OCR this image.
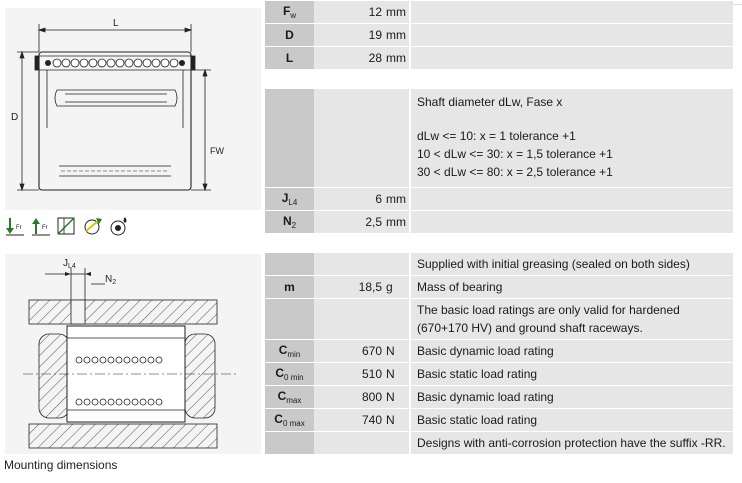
L
D
FW
Fr	Fr
$J_{L4}$
$N_2$
Mounting dimensions
$F_w$	12 mm	
D	19 mm	
L	28 mm	

		Shaft diameter dLw, Fase x
dLw <= 10: x = 1 tolerance +1
10 < dLw <= 30: x = 1,5 tolerance +1
30 < dLw <= 80: x = 2,5 tolerance +1

$J_{L4}$	6 mm	
$N_2$	2,5 mm	

		Supplied with initial greasing (sealed on both sides)
m	18,5 g	Mass of bearing

		The basic load ratings are only valid for hardened
(670+170 HV) and ground shaft raceways.

$C_{min}$	670 N	Basic dynamic load rating
$C_{0 min}$	510 N	Basic static load rating
$C_{max}$	800 N	Basic dynamic load rating
$C_{0 max}$	740 N	Basic static load rating
		Designs with anti-corrosion protection have the suffix -RR.
